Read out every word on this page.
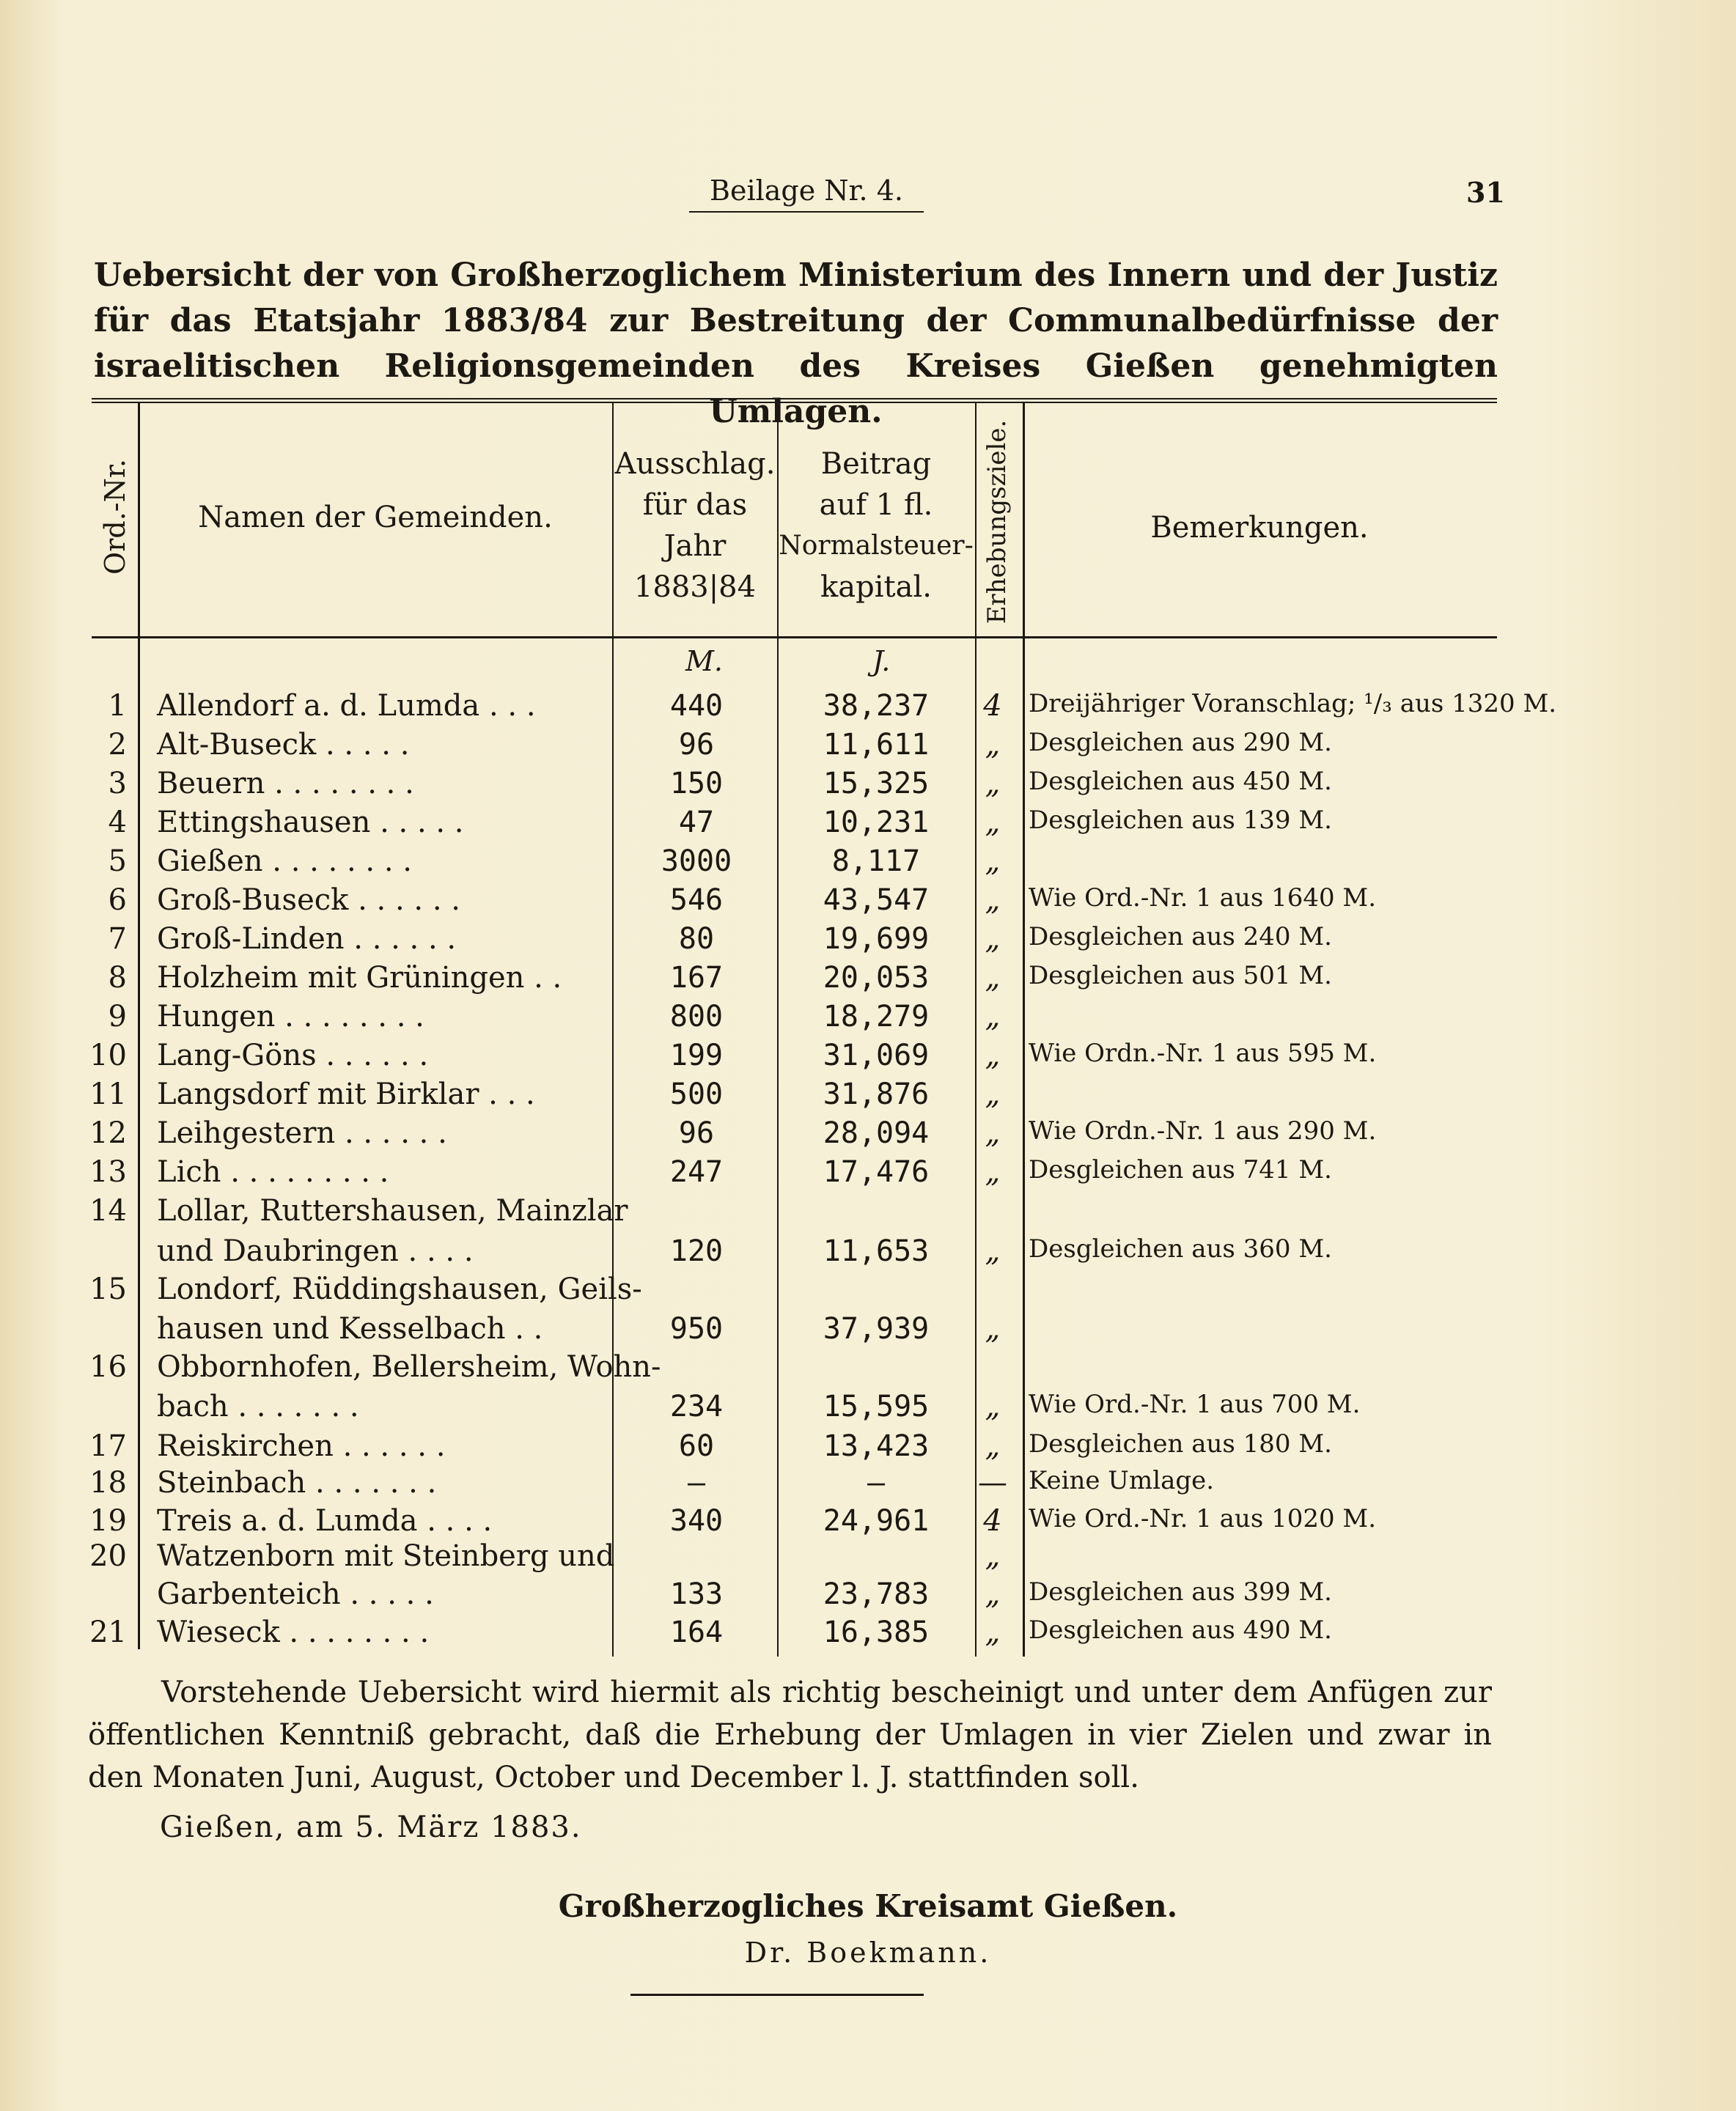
Beilage Nr. 4.	31
Uebersicht der von Großherzoglichem Ministerium des Innern und der Justiz für das Etatsjahr 1883/84 zur Bestreitung der Communalbedürfnisse der israelitischen Religionsgemeinden des Kreises Gießen genehmigten Umlagen.
Ord.-Nr.	Namen der Gemeinden.
Ausschlag.
für das
Jahr
1883|84
Beitrag
auf 1 fl.
Normalsteuer-
kapital.	Erhebungsziele.	Bemerkungen.
M.	J.
1 Allendorf a. d. Lumda . . .	440	38,237	4	Dreijähriger Voranschlag; ¹/₃ aus 1320 M.
2 Alt-Buseck . . . . .	96	11,611	„	Desgleichen aus 290 M.
3 Beuern . . . . . . . .	150	15,325	„	Desgleichen aus 450 M.
4 Ettingshausen . . . . .	47	10,231	„	Desgleichen aus 139 M.
5 Gießen . . . . . . . .	3000	8,117	„
6 Groß-Buseck . . . . . .	546	43,547	„	Wie Ord.-Nr. 1 aus 1640 M.
7 Groß-Linden . . . . . .	80	19,699	„	Desgleichen aus 240 M.
8 Holzheim mit Grüningen . .	167	20,053	„	Desgleichen aus 501 M.
9 Hungen . . . . . . . .	800	18,279	„
10 Lang-Göns . . . . . .	199	31,069	„	Wie Ordn.-Nr. 1 aus 595 M.
11 Langsdorf mit Birklar . . .	500	31,876	„
12 Leihgestern . . . . . .	96	28,094	„	Wie Ordn.-Nr. 1 aus 290 M.
13 Lich . . . . . . . . .	247	17,476	„	Desgleichen aus 741 M.
14 Lollar, Ruttershausen, Mainzlar
und Daubringen . . . .	120	11,653	„	Desgleichen aus 360 M.
15 Londorf, Rüddingshausen, Geils-
hausen und Kesselbach . .	950	37,939	„
16 Obbornhofen, Bellersheim, Wohn-
bach . . . . . . .	234	15,595	„	Wie Ord.-Nr. 1 aus 700 M.
17 Reiskirchen . . . . . .	60	13,423	„	Desgleichen aus 180 M.
18 Steinbach . . . . . . .	—	—	— Keine Umlage.
19 Treis a. d. Lumda . . . .	340	24,961	4	Wie Ord.-Nr. 1 aus 1020 M.
20 Watzenborn mit Steinberg und	„
Garbenteich . . . . .	133	23,783	„	Desgleichen aus 399 M.
21 Wieseck . . . . . . . .	164	16,385	„	Desgleichen aus 490 M.
Vorstehende Uebersicht wird hiermit als richtig bescheinigt und unter dem Anfügen zur öffentlichen Kenntniß gebracht, daß die Erhebung der Umlagen in vier Zielen und zwar in den Monaten Juni, August, October und December l. J. stattfinden soll.
Gießen, am 5. März 1883.
Großherzogliches Kreisamt Gießen.
Dr. Boekmann.
